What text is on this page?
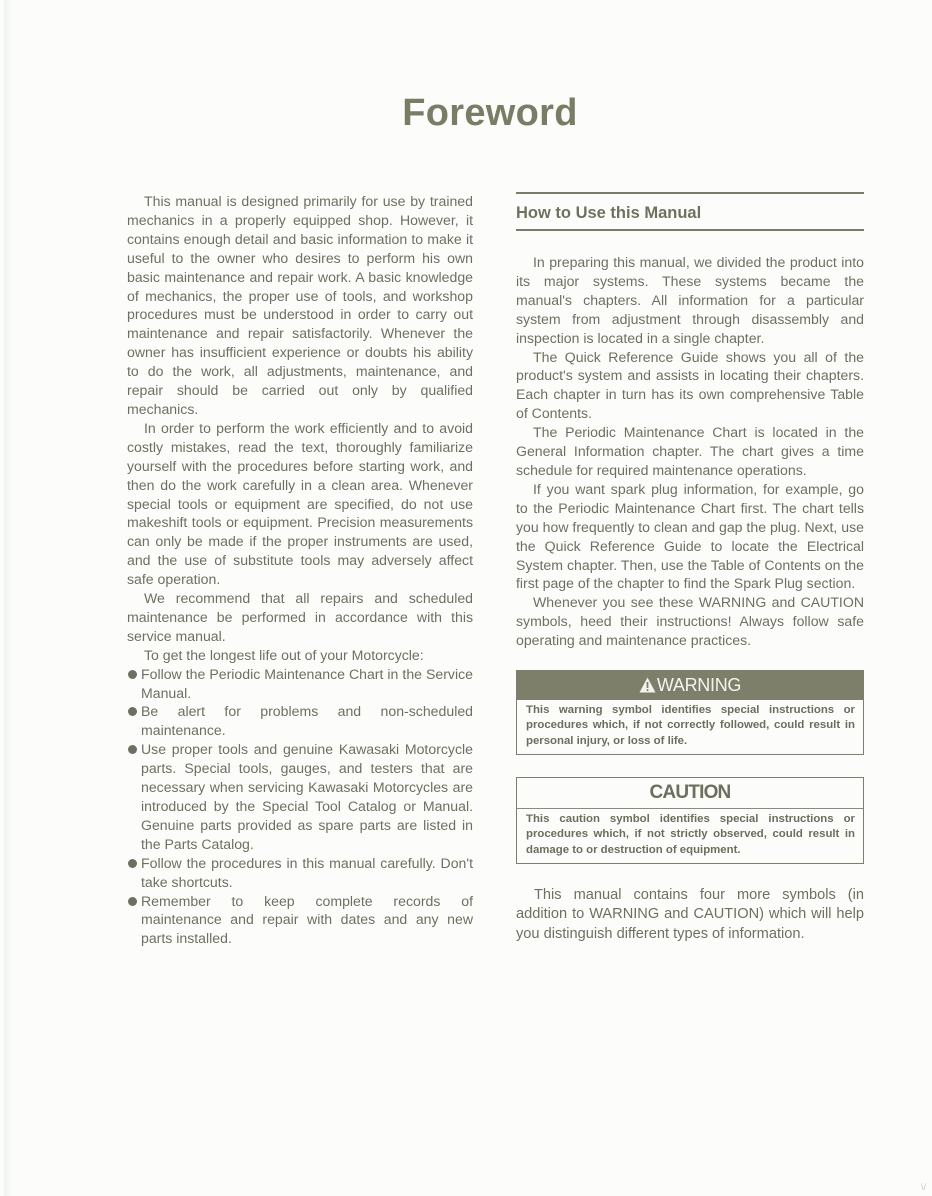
Foreword

This manual is designed primarily for use by trained mechanics in a properly equipped shop. However, it contains enough detail and basic information to make it useful to the owner who desires to perform his own basic maintenance and repair work. A basic knowledge of mechanics, the proper use of tools, and workshop procedures must be understood in order to carry out maintenance and repair satisfactorily. Whenever the owner has insufficient experience or doubts his ability to do the work, all adjustments, maintenance, and repair should be carried out only by qualified mechanics.

In order to perform the work efficiently and to avoid costly mistakes, read the text, thoroughly familiarize yourself with the procedures before starting work, and then do the work carefully in a clean area. Whenever special tools or equipment are specified, do not use makeshift tools or equipment. Precision measurements can only be made if the proper instruments are used, and the use of substitute tools may adversely affect safe operation.

We recommend that all repairs and scheduled maintenance be performed in accordance with this service manual.

To get the longest life out of your Motorcycle:

Follow the Periodic Maintenance Chart in the Service Manual.
Be alert for problems and non-scheduled maintenance.
Use proper tools and genuine Kawasaki Motorcycle parts. Special tools, gauges, and testers that are necessary when servicing Kawasaki Motorcycles are introduced by the Special Tool Catalog or Manual. Genuine parts provided as spare parts are listed in the Parts Catalog.
Follow the procedures in this manual carefully. Don't take shortcuts.
Remember to keep complete records of maintenance and repair with dates and any new parts installed.
How to Use this Manual

In preparing this manual, we divided the product into its major systems. These systems became the manual's chapters. All information for a particular system from adjustment through disassembly and inspection is located in a single chapter.

The Quick Reference Guide shows you all of the product's system and assists in locating their chapters. Each chapter in turn has its own comprehensive Table of Contents.

The Periodic Maintenance Chart is located in the General Information chapter. The chart gives a time schedule for required maintenance operations.

If you want spark plug information, for example, go to the Periodic Maintenance Chart first. The chart tells you how frequently to clean and gap the plug. Next, use the Quick Reference Guide to locate the Electrical System chapter. Then, use the Table of Contents on the first page of the chapter to find the Spark Plug section.

Whenever you see these WARNING and CAUTION symbols, heed their instructions! Always follow safe operating and maintenance practices.

WARNING
This warning symbol identifies special instructions or procedures which, if not correctly followed, could result in personal injury, or loss of life.
CAUTION
This caution symbol identifies special instructions or procedures which, if not strictly observed, could result in damage to or destruction of equipment.

This manual contains four more symbols (in addition to WARNING and CAUTION) which will help you distinguish different types of information.

\/
